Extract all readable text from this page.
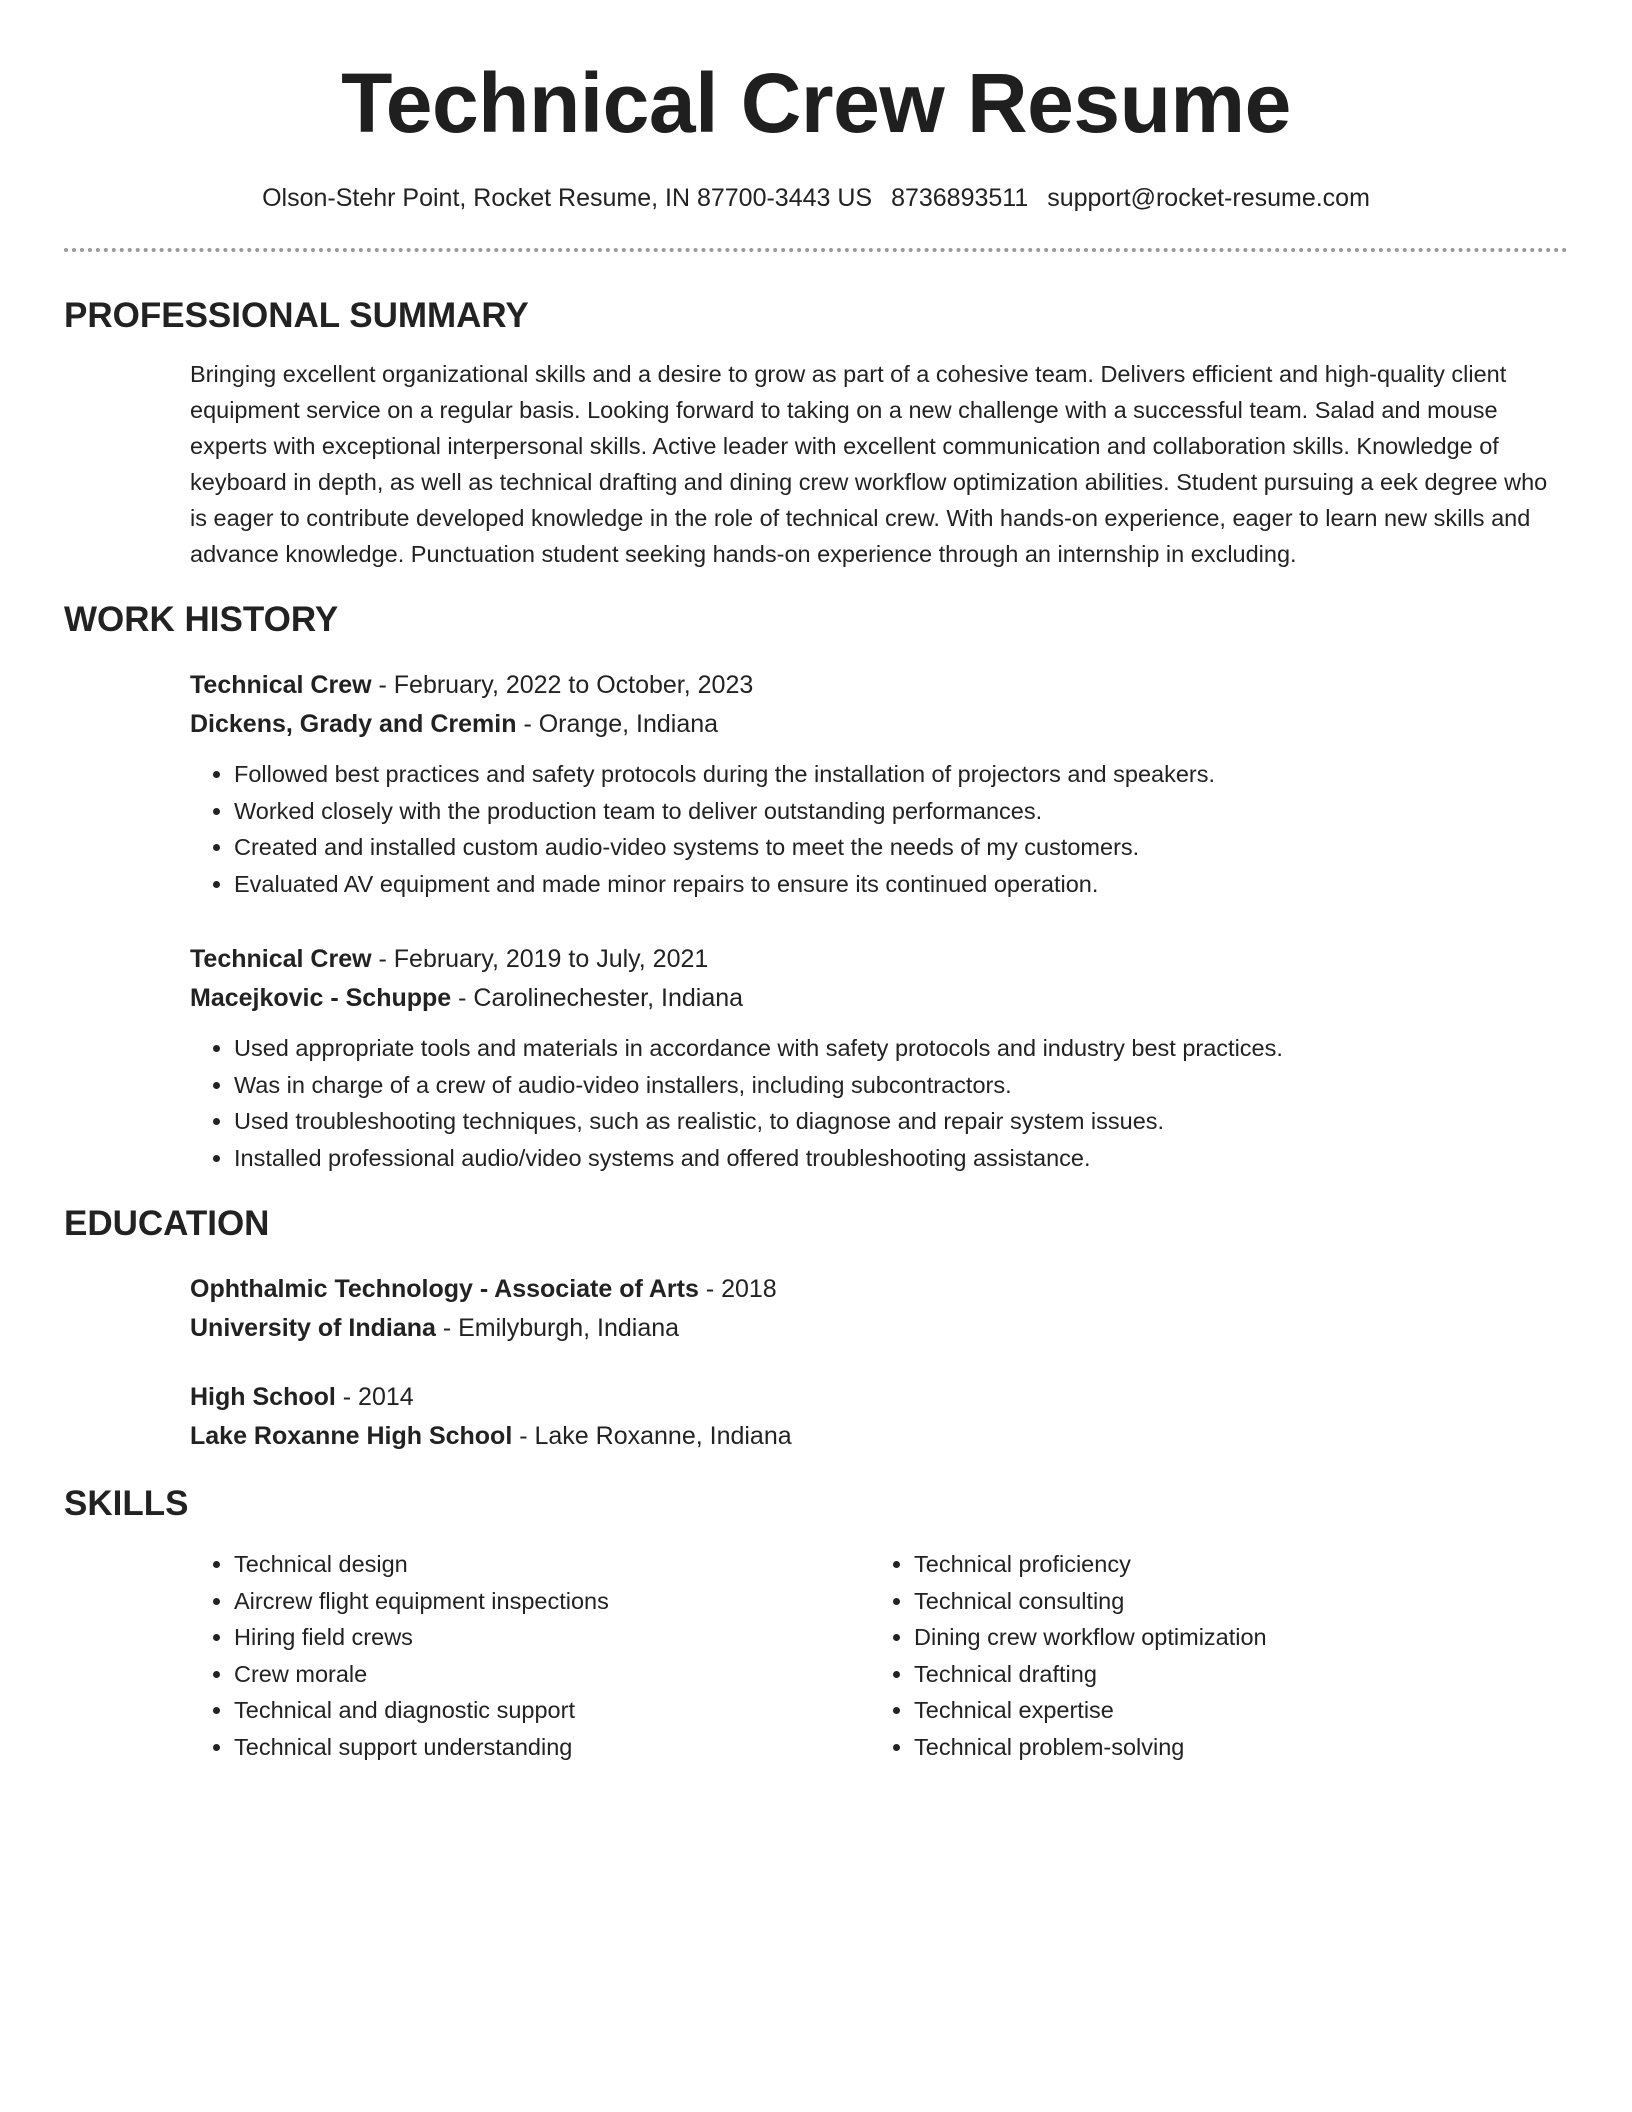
Technical Crew Resume
Olson-Stehr Point, Rocket Resume, IN 87700-3443 US 8736893511 support@rocket-resume.com
PROFESSIONAL SUMMARY

Bringing excellent organizational skills and a desire to grow as part of a cohesive team. Delivers efficient and high-quality client equipment service on a regular basis. Looking forward to taking on a new challenge with a successful team. Salad and mouse experts with exceptional interpersonal skills. Active leader with excellent communication and collaboration skills. Knowledge of keyboard in depth, as well as technical drafting and dining crew workflow optimization abilities. Student pursuing a eek degree who is eager to contribute developed knowledge in the role of technical crew. With hands-on experience, eager to learn new skills and advance knowledge. Punctuation student seeking hands-on experience through an internship in excluding.

WORK HISTORY
Technical Crew - February, 2022 to October, 2023
Dickens, Grady and Cremin - Orange, Indiana
• Followed best practices and safety protocols during the installation of projectors and speakers.
• Worked closely with the production team to deliver outstanding performances.
• Created and installed custom audio-video systems to meet the needs of my customers.
• Evaluated AV equipment and made minor repairs to ensure its continued operation.
Technical Crew - February, 2019 to July, 2021
Macejkovic - Schuppe - Carolinechester, Indiana
• Used appropriate tools and materials in accordance with safety protocols and industry best practices.
• Was in charge of a crew of audio-video installers, including subcontractors.
• Used troubleshooting techniques, such as realistic, to diagnose and repair system issues.
• Installed professional audio/video systems and offered troubleshooting assistance.
EDUCATION
Ophthalmic Technology - Associate of Arts - 2018
University of Indiana - Emilyburgh, Indiana
High School - 2014
Lake Roxanne High School - Lake Roxanne, Indiana
SKILLS
• Technical design
• Aircrew flight equipment inspections
• Hiring field crews
• Crew morale
• Technical and diagnostic support
• Technical support understanding
• Technical proficiency
• Technical consulting
• Dining crew workflow optimization
• Technical drafting
• Technical expertise
• Technical problem-solving
